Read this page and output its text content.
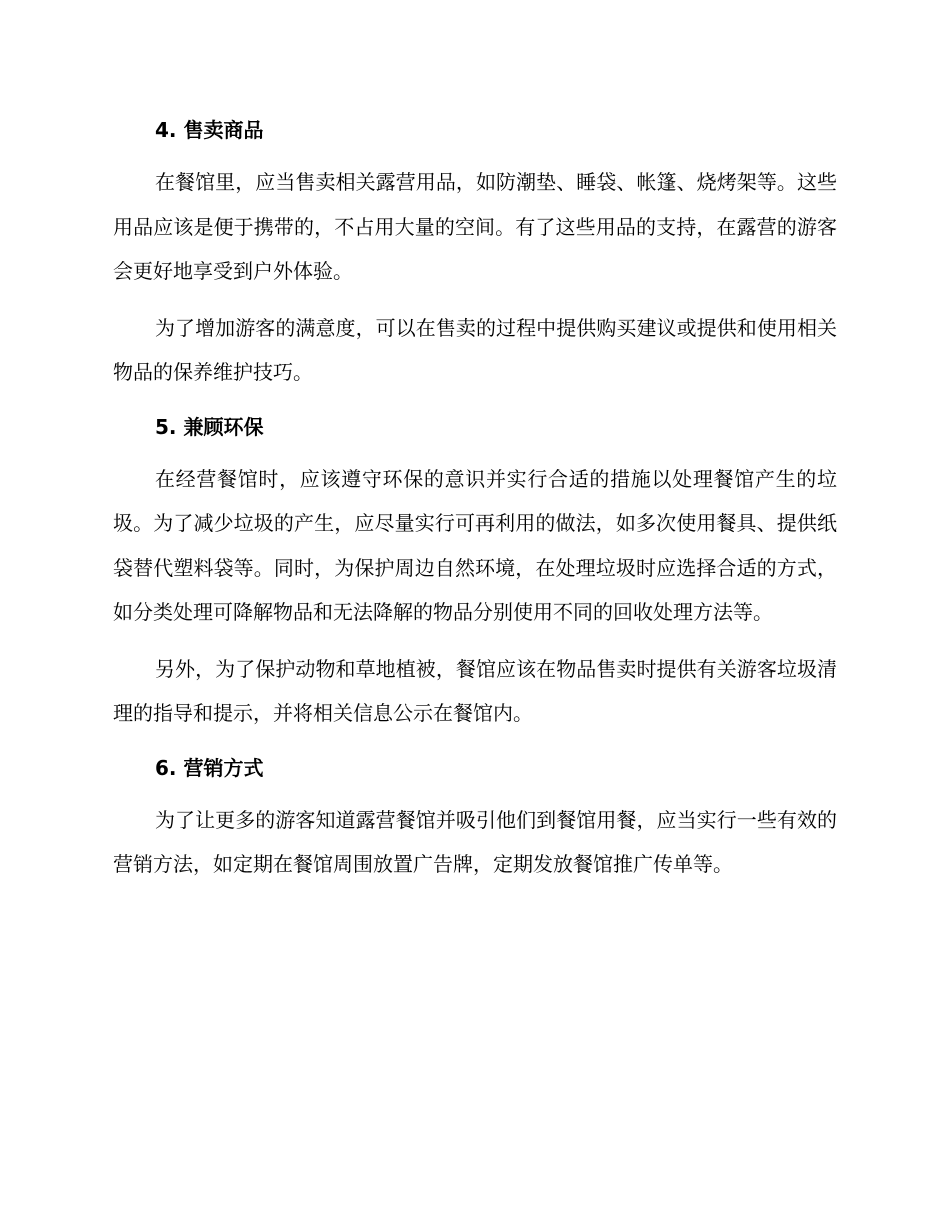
4. 售卖商品

在餐馆里，应当售卖相关露营用品，如防潮垫、睡袋、帐篷、烧烤架等。这些用品应该是便于携带的，不占用大量的空间。有了这些用品的支持，在露营的游客会更好地享受到户外体验。

为了增加游客的满意度，可以在售卖的过程中提供购买建议或提供和使用相关物品的保养维护技巧。

5. 兼顾环保

在经营餐馆时，应该遵守环保的意识并实行合适的措施以处理餐馆产生的垃圾。为了减少垃圾的产生，应尽量实行可再利用的做法，如多次使用餐具、提供纸袋替代塑料袋等。同时，为保护周边自然环境，在处理垃圾时应选择合适的方式，如分类处理可降解物品和无法降解的物品分别使用不同的回收处理方法等。

另外，为了保护动物和草地植被，餐馆应该在物品售卖时提供有关游客垃圾清理的指导和提示，并将相关信息公示在餐馆内。

6. 营销方式

为了让更多的游客知道露营餐馆并吸引他们到餐馆用餐，应当实行一些有效的营销方法，如定期在餐馆周围放置广告牌，定期发放餐馆推广传单等。
